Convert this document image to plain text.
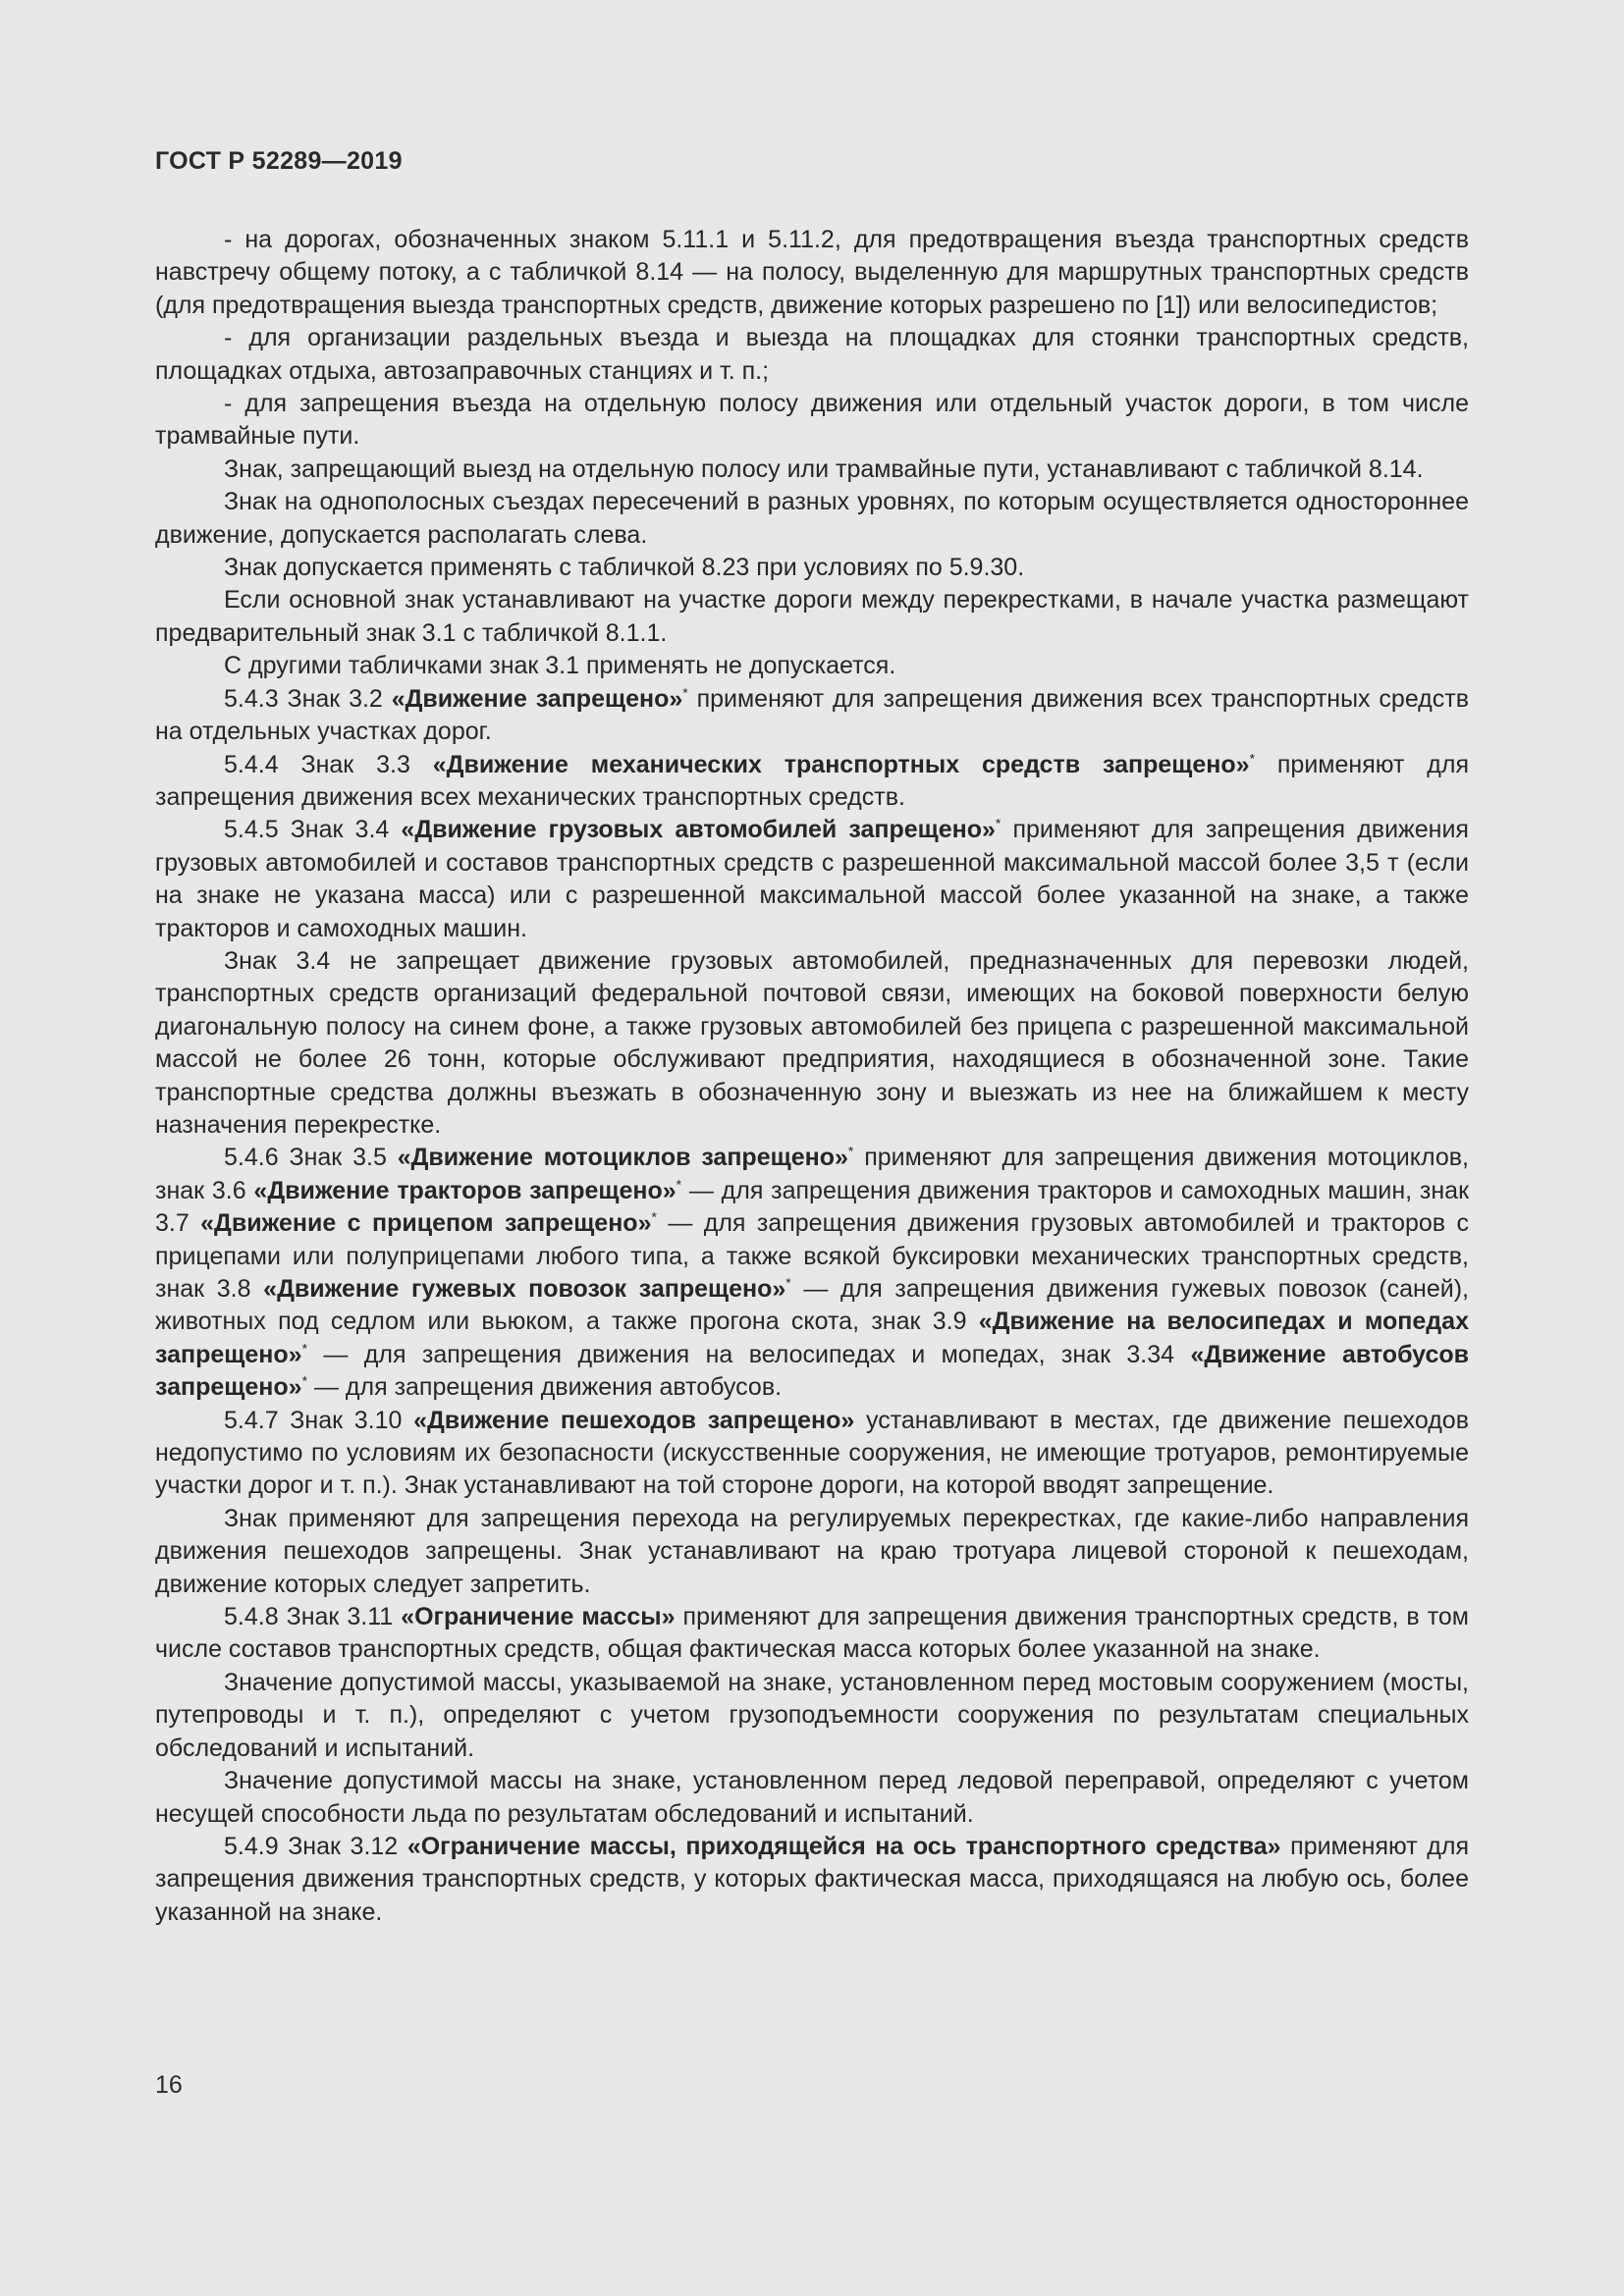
ГОСТ Р 52289—2019

- на дорогах, обозначенных знаком 5.11.1 и 5.11.2, для предотвращения въезда транспортных средств навстречу общему потоку, а с табличкой 8.14 — на полосу, выделенную для маршрутных транспортных средств (для предотвращения выезда транспортных средств, движение которых разрешено по [1]) или велосипедистов;

- для организации раздельных въезда и выезда на площадках для стоянки транспортных средств, площадках отдыха, автозаправочных станциях и т. п.;

- для запрещения въезда на отдельную полосу движения или отдельный участок дороги, в том числе трамвайные пути.

Знак, запрещающий выезд на отдельную полосу или трамвайные пути, устанавливают с табличкой 8.14.

Знак на однополосных съездах пересечений в разных уровнях, по которым осуществляется одностороннее движение, допускается располагать слева.

Знак допускается применять с табличкой 8.23 при условиях по 5.9.30.

Если основной знак устанавливают на участке дороги между перекрестками, в начале участка размещают предварительный знак 3.1 с табличкой 8.1.1.

С другими табличками знак 3.1 применять не допускается.

5.4.3 Знак 3.2 «Движение запрещено»* применяют для запрещения движения всех транспортных средств на отдельных участках дорог.

5.4.4 Знак 3.3 «Движение механических транспортных средств запрещено»* применяют для запрещения движения всех механических транспортных средств.

5.4.5 Знак 3.4 «Движение грузовых автомобилей запрещено»* применяют для запрещения движения грузовых автомобилей и составов транспортных средств с разрешенной максимальной массой более 3,5 т (если на знаке не указана масса) или с разрешенной максимальной массой более указанной на знаке, а также тракторов и самоходных машин.

Знак 3.4 не запрещает движение грузовых автомобилей, предназначенных для перевозки людей, транспортных средств организаций федеральной почтовой связи, имеющих на боковой поверхности белую диагональную полосу на синем фоне, а также грузовых автомобилей без прицепа с разрешенной максимальной массой не более 26 тонн, которые обслуживают предприятия, находящиеся в обозначенной зоне. Такие транспортные средства должны въезжать в обозначенную зону и выезжать из нее на ближайшем к месту назначения перекрестке.

5.4.6 Знак 3.5 «Движение мотоциклов запрещено»* применяют для запрещения движения мотоциклов, знак 3.6 «Движение тракторов запрещено»* — для запрещения движения тракторов и самоходных машин, знак 3.7 «Движение с прицепом запрещено»* — для запрещения движения грузовых автомобилей и тракторов с прицепами или полуприцепами любого типа, а также всякой буксировки механических транспортных средств, знак 3.8 «Движение гужевых повозок запрещено»* — для запрещения движения гужевых повозок (саней), животных под седлом или вьюком, а также прогона скота, знак 3.9 «Движение на велосипедах и мопедах запрещено»* — для запрещения движения на велосипедах и мопедах, знак 3.34 «Движение автобусов запрещено»* — для запрещения движения автобусов.

5.4.7 Знак 3.10 «Движение пешеходов запрещено» устанавливают в местах, где движение пешеходов недопустимо по условиям их безопасности (искусственные сооружения, не имеющие тротуаров, ремонтируемые участки дорог и т. п.). Знак устанавливают на той стороне дороги, на которой вводят запрещение.

Знак применяют для запрещения перехода на регулируемых перекрестках, где какие-либо направления движения пешеходов запрещены. Знак устанавливают на краю тротуара лицевой стороной к пешеходам, движение которых следует запретить.

5.4.8 Знак 3.11 «Ограничение массы» применяют для запрещения движения транспортных средств, в том числе составов транспортных средств, общая фактическая масса которых более указанной на знаке.

Значение допустимой массы, указываемой на знаке, установленном перед мостовым сооружением (мосты, путепроводы и т. п.), определяют с учетом грузоподъемности сооружения по результатам специальных обследований и испытаний.

Значение допустимой массы на знаке, установленном перед ледовой переправой, определяют с учетом несущей способности льда по результатам обследований и испытаний.

5.4.9 Знак 3.12 «Ограничение массы, приходящейся на ось транспортного средства» применяют для запрещения движения транспортных средств, у которых фактическая масса, приходящаяся на любую ось, более указанной на знаке.

16
